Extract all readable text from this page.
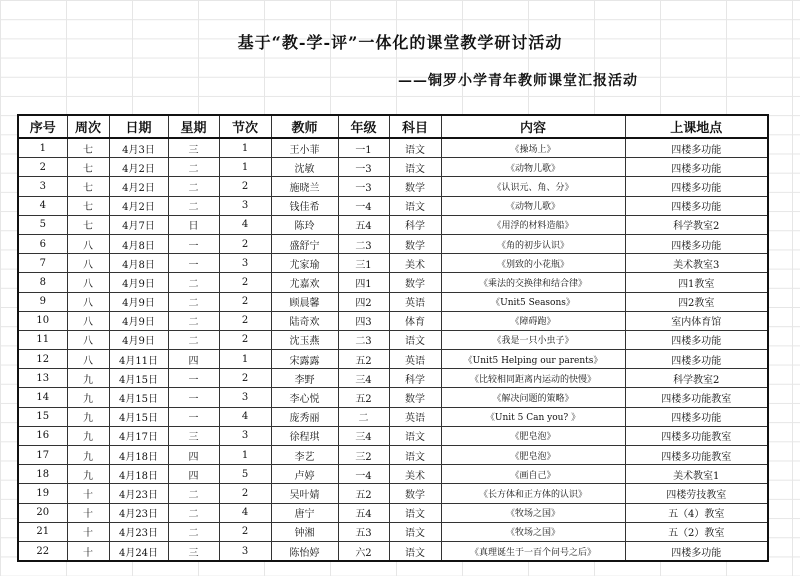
基于“教-学-评”一体化的课堂教学研讨活动
——铜罗小学青年教师课堂汇报活动
序号	周次	日期	星期	节次	教师	年级	科目	内容	上课地点
1	七	4月3日	三	1	王小菲	一1	语文	《操场上》	四楼多功能
2	七	4月2日	二	1	沈敏	一3	语文	《动物儿歌》	四楼多功能
3	七	4月2日	二	2	施晓兰	一3	数学	《认识元、角、分》	四楼多功能
4	七	4月2日	二	3	钱佳希	一4	语文	《动物儿歌》	四楼多功能
5	七	4月7日	日	4	陈玲	五4	科学	《用浮的材料造船》	科学教室2
6	八	4月8日	一	2	盛舒宁	二3	数学	《角的初步认识》	四楼多功能
7	八	4月8日	一	3	尤家瑜	三1	美术	《别致的小花瓶》	美术教室3
8	八	4月9日	二	2	尤嘉欢	四1	数学	《乘法的交换律和结合律》	四1教室
9	八	4月9日	二	2	顾晨馨	四2	英语	《Unit5 Seasons》	四2教室
10	八	4月9日	二	2	陆奇欢	四3	体育	《障碍跑》	室内体育馆
11	八	4月9日	二	2	沈玉燕	二3	语文	《我是一只小虫子》	四楼多功能
12	八	4月11日	四	1	宋露露	五2	英语	《Unit5 Helping our parents》	四楼多功能
13	九	4月15日	一	2	李野	三4	科学	《比较相同距离内运动的快慢》	科学教室2
14	九	4月15日	一	3	李心悦	五2	数学	《解决问题的策略》	四楼多功能教室
15	九	4月15日	一	4	庞秀丽	二	英语	《Unit 5 Can you? 》	四楼多功能
16	九	4月17日	三	3	徐程琪	三4	语文	《肥皂泡》	四楼多功能教室
17	九	4月18日	四	1	李艺	三2	语文	《肥皂泡》	四楼多功能教室
18	九	4月18日	四	5	卢婷	一4	美术	《画自己》	美术教室1
19	十	4月23日	二	2	吴叶婧	五2	数学	《长方体和正方体的认识》	四楼劳技教室
20	十	4月23日	二	4	唐宁	五4	语文	《牧场之国》	五（4）教室
21	十	4月23日	二	2	钟湘	五3	语文	《牧场之国》	五（2）教室
22	十	4月24日	三	3	陈怡婷	六2	语文	《真理诞生于一百个问号之后》	四楼多功能
